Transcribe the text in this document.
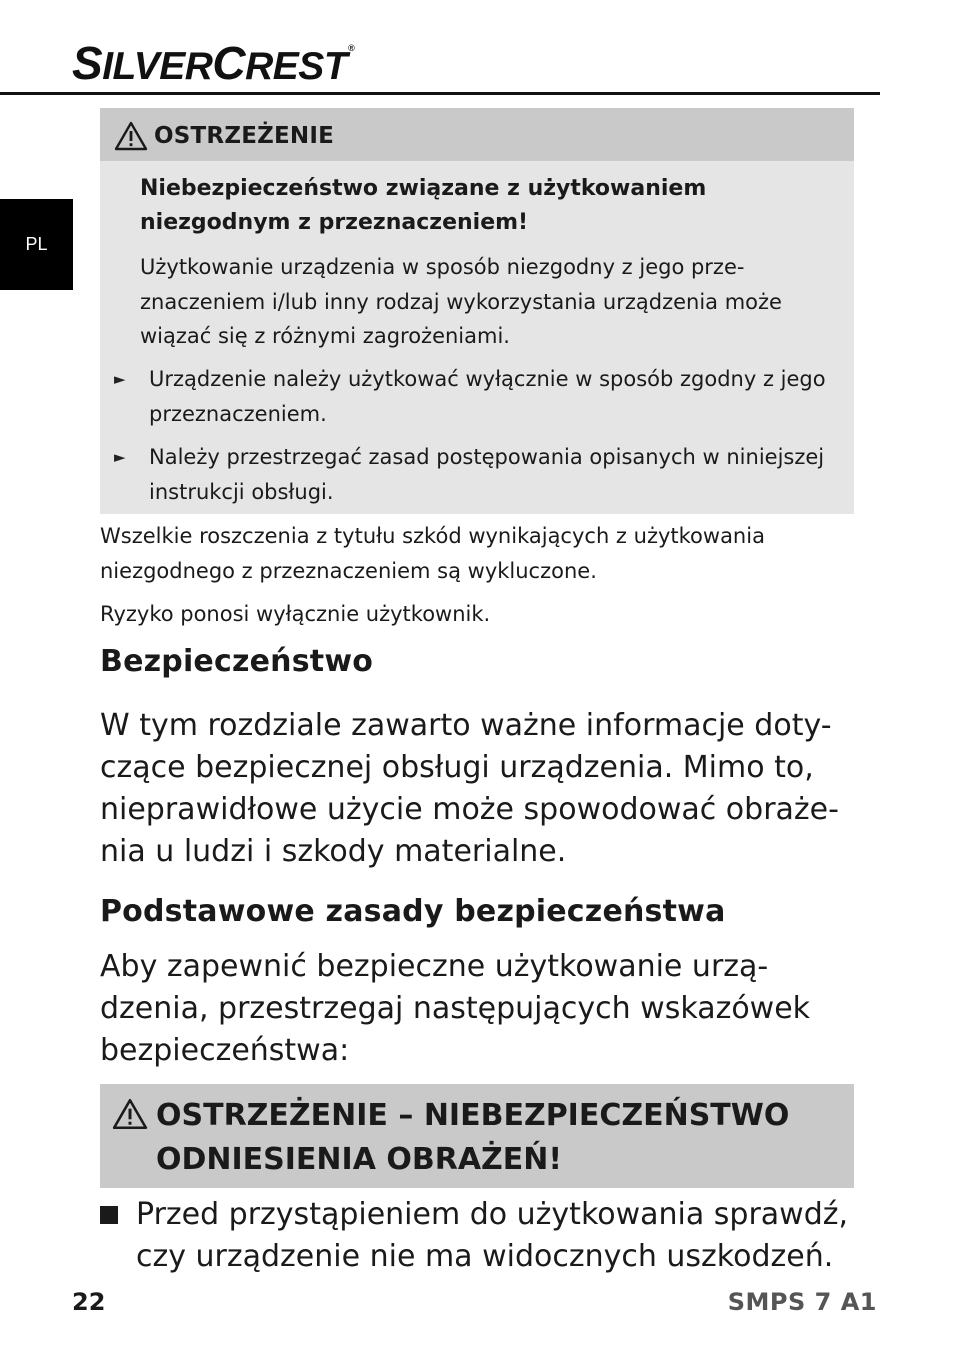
SILVERCREST®
PL
OSTRZEŻENIE
Niebezpieczeństwo związane z użytkowaniem niezgodnym z przeznaczeniem!
Użytkowanie urządzenia w sposób niezgodny z jego prze- znaczeniem i/lub inny rodzaj wykorzystania urządzenia może wiązać się z różnymi zagrożeniami.
►	Urządzenie należy użytkować wyłącznie w sposób zgodny z jego przeznaczeniem.
►	Należy przestrzegać zasad postępowania opisanych w niniejszej instrukcji obsługi.
Wszelkie roszczenia z tytułu szkód wynikających z użytkowania niezgodnego z przeznaczeniem są wykluczone.
Ryzyko ponosi wyłącznie użytkownik.
Bezpieczeństwo
W tym rozdziale zawarto ważne informacje doty- czące bezpiecznej obsługi urządzenia. Mimo to, nieprawidłowe użycie może spowodować obraże- nia u ludzi i szkody materialne.
Podstawowe zasady bezpieczeństwa
Aby zapewnić bezpieczne użytkowanie urzą- dzenia, przestrzegaj następujących wskazówek bezpieczeństwa:
OSTRZEŻENIE – NIEBEZPIECZEŃSTWO ODNIESIENIA OBRAŻEŃ!
Przed przystąpieniem do użytkowania sprawdź, czy urządzenie nie ma widocznych uszkodzeń.
22	SMPS 7 A1
